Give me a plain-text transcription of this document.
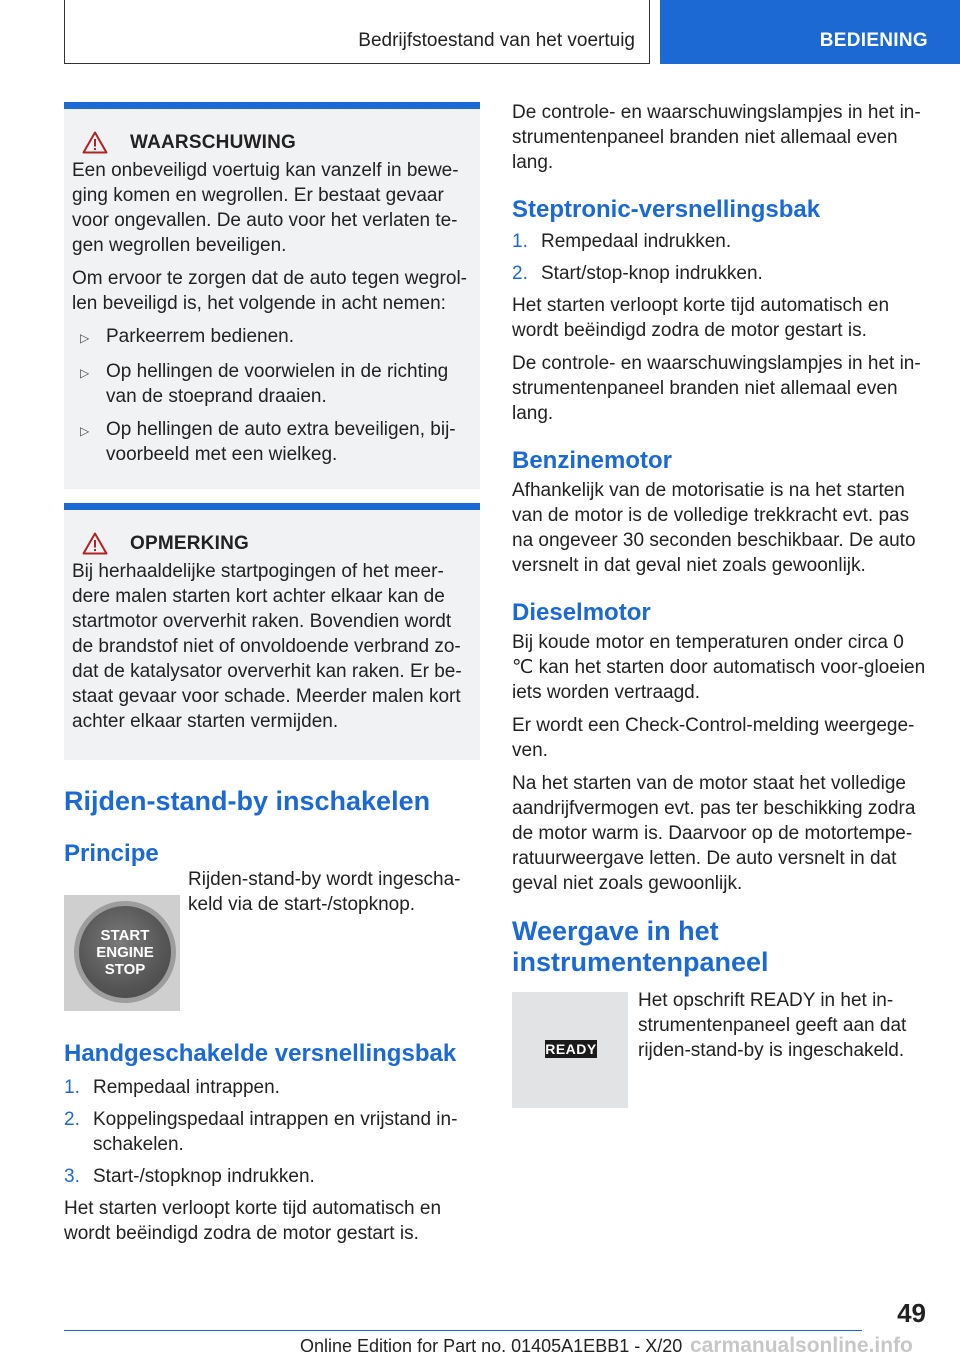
Bedrijfstoestand van het voertuig	BEDIENING
WAARSCHUWING

Een onbeveiligd voertuig kan vanzelf in bewe-ging komen en wegrollen. Er bestaat gevaar voor ongevallen. De auto voor het verlaten te-gen wegrollen beveiligen.

Om ervoor te zorgen dat de auto tegen wegrol-len beveiligd is, het volgende in acht nemen:

▷ Parkeerrem bedienen.
▷ Op hellingen de voorwielen in de richting van de stoeprand draaien.
▷ Op hellingen de auto extra beveiligen, bij-voorbeeld met een wielkeg.
OPMERKING

Bij herhaaldelijke startpogingen of het meer-dere malen starten kort achter elkaar kan de startmotor oververhit raken. Bovendien wordt de brandstof niet of onvoldoende verbrand zo-dat de katalysator oververhit kan raken. Er be-staat gevaar voor schade. Meerder malen kort achter elkaar starten vermijden.

Rijden-stand-by inschakelen
Principe
START
ENGINE
STOP
Rijden-stand-by wordt ingescha-keld via de start-/stopknop.
Handgeschakelde versnellingsbak
1. Rempedaal intrappen.
2. Koppelingspedaal intrappen en vrijstand in-schakelen.
3. Start-/stopknop indrukken.
Het starten verloopt korte tijd automatisch en wordt beëindigd zodra de motor gestart is.
De controle- en waarschuwingslampjes in het in-strumentenpaneel branden niet allemaal even lang.
Steptronic-versnellingsbak
1. Rempedaal indrukken.
2. Start/stop-knop indrukken.
Het starten verloopt korte tijd automatisch en wordt beëindigd zodra de motor gestart is.
De controle- en waarschuwingslampjes in het in-strumentenpaneel branden niet allemaal even lang.
Benzinemotor
Afhankelijk van de motorisatie is na het starten van de motor is de volledige trekkracht evt. pas na ongeveer 30 seconden beschikbaar. De auto versnelt in dat geval niet zoals gewoonlijk.
Dieselmotor
Bij koude motor en temperaturen onder circa 0 ℃ kan het starten door automatisch voor-gloeien iets worden vertraagd.
Er wordt een Check-Control-melding weergege-ven.
Na het starten van de motor staat het volledige aandrijfvermogen evt. pas ter beschikking zodra de motor warm is. Daarvoor op de motortempe-ratuurweergave letten. De auto versnelt in dat geval niet zoals gewoonlijk.
Weergave in het instrumentenpaneel
READY
Het opschrift READY in het in-strumentenpaneel geeft aan dat rijden-stand-by is ingeschakeld.
49
Online Edition for Part no. 01405A1EBB1 - X/20 carmanualsonline.info
